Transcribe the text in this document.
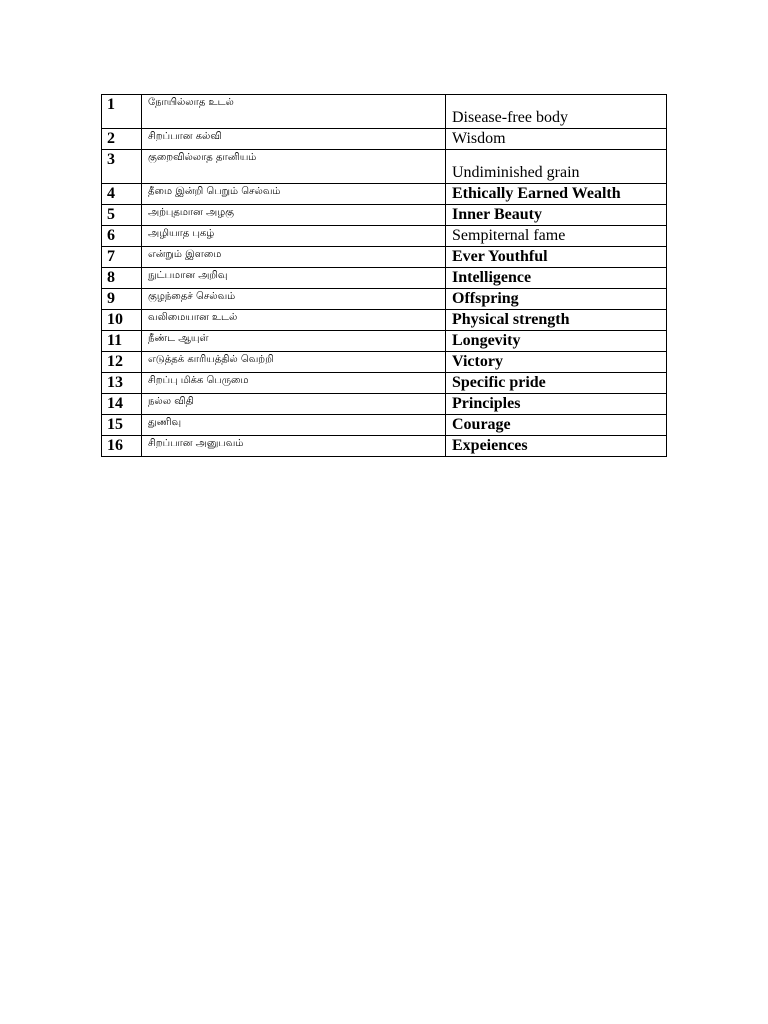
1	நோயில்லாத உடல்	Disease-free body
2	சிறப்பான கல்வி	Wisdom
3	குறைவில்லாத தானியம்	Undiminished grain
4	தீமை இன்றி பெறும் செல்வம்	Ethically Earned Wealth
5	அற்புதமான அழகு	Inner Beauty
6	அழியாத புகழ்	Sempiternal fame
7	என்றும் இளமை	Ever Youthful
8	நுட்பமான அறிவு	Intelligence
9	குழந்தைச் செல்வம்	Offspring
10	வலிமையான உடல்	Physical strength
11	நீண்ட ஆயுள்	Longevity
12	எடுத்தக் காரியத்தில் வெற்றி	Victory
13	சிறப்பு மிக்க பெருமை	Specific pride
14	நல்ல விதி	Principles
15	துணிவு	Courage
16	சிறப்பான அனுபவம்	Expeiences
